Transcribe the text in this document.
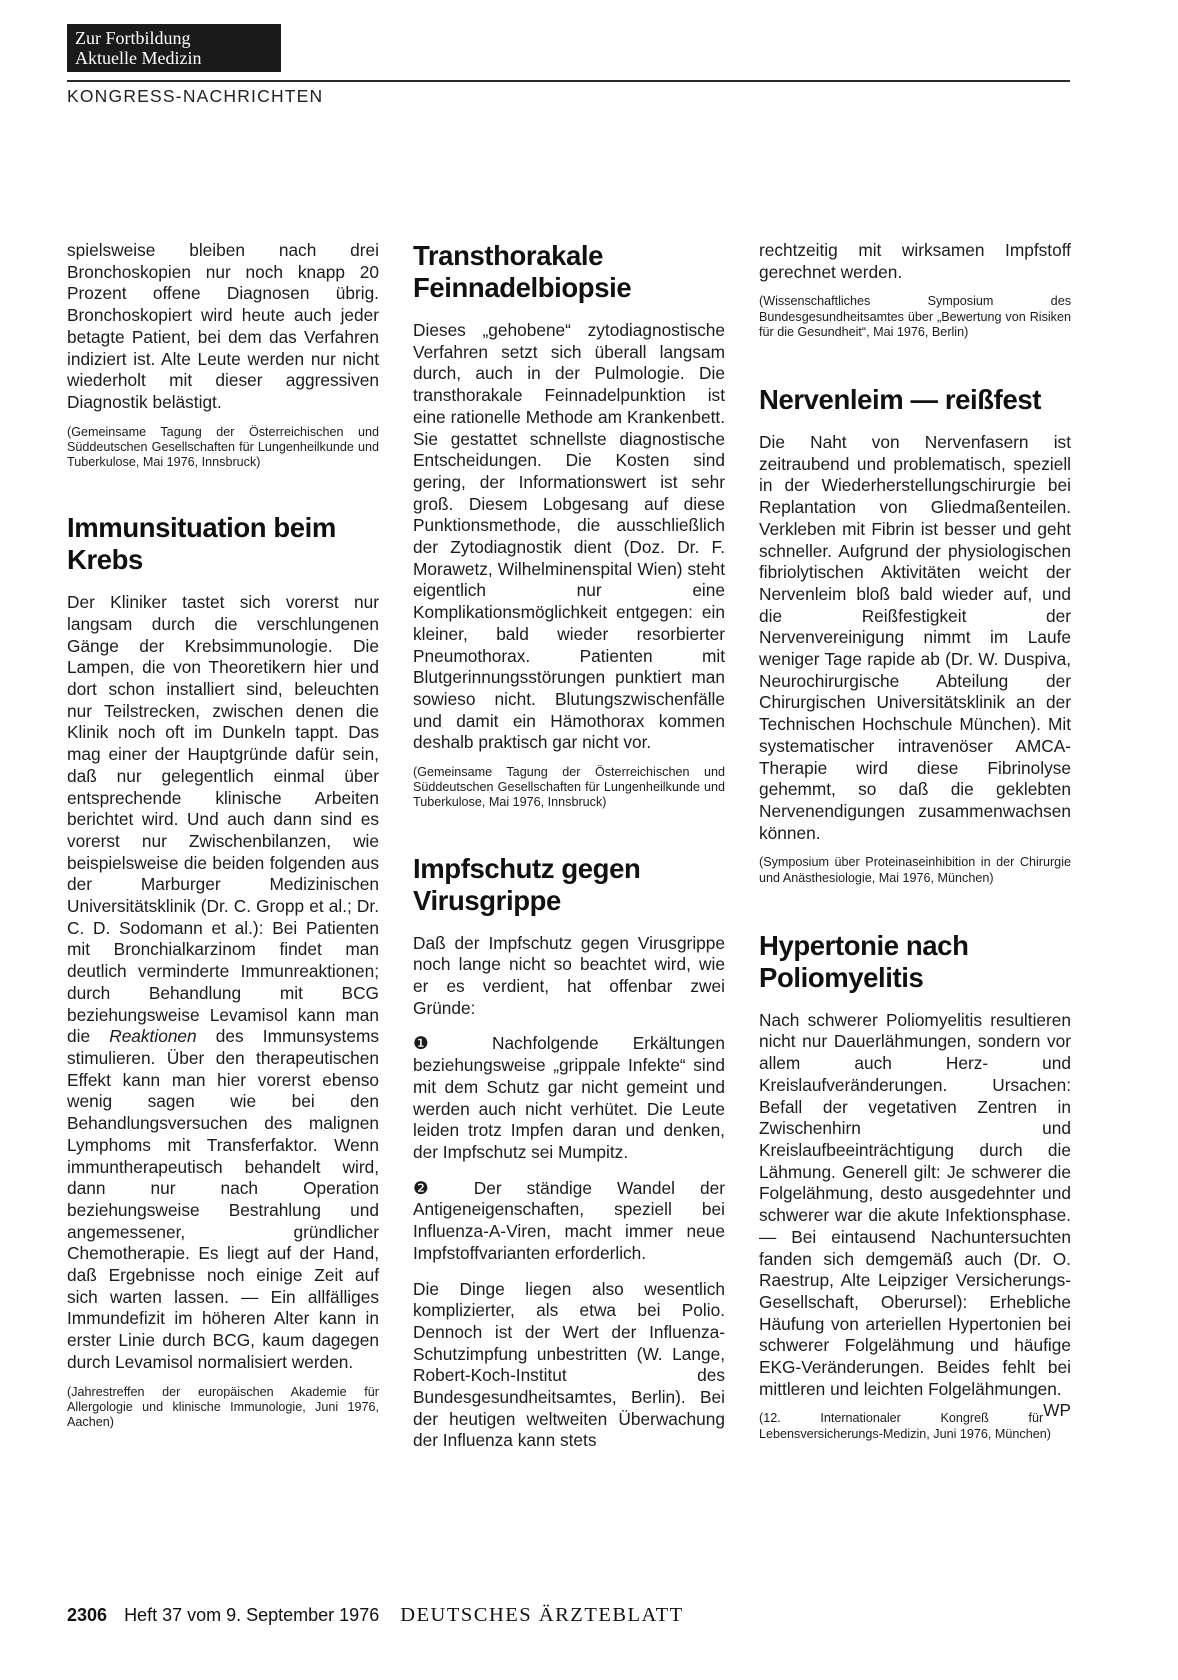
Zur Fortbildung
Aktuelle Medizin
KONGRESS-NACHRICHTEN

spielsweise bleiben nach drei Bronchoskopien nur noch knapp 20 Prozent offene Diagnosen übrig. Bronchoskopiert wird heute auch jeder betagte Patient, bei dem das Verfahren indiziert ist. Alte Leute werden nur nicht wiederholt mit dieser aggressiven Diagnostik belästigt.

(Gemeinsame Tagung der Österreichischen und Süddeutschen Gesellschaften für Lungenheilkunde und Tuberkulose, Mai 1976, Innsbruck)

Immunsituation beim Krebs

Der Kliniker tastet sich vorerst nur langsam durch die verschlungenen Gänge der Krebsimmunologie. Die Lampen, die von Theoretikern hier und dort schon installiert sind, beleuchten nur Teilstrecken, zwischen denen die Klinik noch oft im Dunkeln tappt. Das mag einer der Hauptgründe dafür sein, daß nur gelegentlich einmal über entsprechende klinische Arbeiten berichtet wird. Und auch dann sind es vorerst nur Zwischenbilanzen, wie beispielsweise die beiden folgenden aus der Marburger Medizinischen Universitätsklinik (Dr. C. Gropp et al.; Dr. C. D. Sodomann et al.): Bei Patienten mit Bronchialkarzinom findet man deutlich verminderte Immunreaktionen; durch Behandlung mit BCG beziehungsweise Levamisol kann man die Reaktionen des Immunsystems stimulieren. Über den therapeutischen Effekt kann man hier vorerst ebenso wenig sagen wie bei den Behandlungsversuchen des malignen Lymphoms mit Transferfaktor. Wenn immuntherapeutisch behandelt wird, dann nur nach Operation beziehungsweise Bestrahlung und angemessener, gründlicher Chemotherapie. Es liegt auf der Hand, daß Ergebnisse noch einige Zeit auf sich warten lassen. — Ein allfälliges Immundefizit im höheren Alter kann in erster Linie durch BCG, kaum dagegen durch Levamisol normalisiert werden.

(Jahrestreffen der europäischen Akademie für Allergologie und klinische Immunologie, Juni 1976, Aachen)

Transthorakale Feinnadelbiopsie

Dieses „gehobene“ zytodiagnostische Verfahren setzt sich überall langsam durch, auch in der Pulmologie. Die transthorakale Feinnadelpunktion ist eine rationelle Methode am Krankenbett. Sie gestattet schnellste diagnostische Entscheidungen. Die Kosten sind gering, der Informationswert ist sehr groß. Diesem Lobgesang auf diese Punktionsmethode, die ausschließlich der Zytodiagnostik dient (Doz. Dr. F. Morawetz, Wilhelminenspital Wien) steht eigentlich nur eine Komplikationsmöglichkeit entgegen: ein kleiner, bald wieder resorbierter Pneumothorax. Patienten mit Blutgerinnungsstörungen punktiert man sowieso nicht. Blutungszwischenfälle und damit ein Hämothorax kommen deshalb praktisch gar nicht vor.

(Gemeinsame Tagung der Österreichischen und Süddeutschen Gesellschaften für Lungenheilkunde und Tuberkulose, Mai 1976, Innsbruck)

Impfschutz gegen Virusgrippe

Daß der Impfschutz gegen Virusgrippe noch lange nicht so beachtet wird, wie er es verdient, hat offenbar zwei Gründe:

❶ Nachfolgende Erkältungen beziehungsweise „grippale Infekte“ sind mit dem Schutz gar nicht gemeint und werden auch nicht verhütet. Die Leute leiden trotz Impfen daran und denken, der Impfschutz sei Mumpitz.

❷ Der ständige Wandel der Antigeneigenschaften, speziell bei Influenza-A-Viren, macht immer neue Impfstoffvarianten erforderlich.

Die Dinge liegen also wesentlich komplizierter, als etwa bei Polio. Dennoch ist der Wert der Influenza-Schutzimpfung unbestritten (W. Lange, Robert-Koch-Institut des Bundesgesundheitsamtes, Berlin). Bei der heutigen weltweiten Überwachung der Influenza kann stets

rechtzeitig mit wirksamen Impfstoff gerechnet werden.

(Wissenschaftliches Symposium des Bundesgesundheitsamtes über „Bewertung von Risiken für die Gesundheit“, Mai 1976, Berlin)

Nervenleim — reißfest

Die Naht von Nervenfasern ist zeitraubend und problematisch, speziell in der Wiederherstellungschirurgie bei Replantation von Gliedmaßenteilen. Verkleben mit Fibrin ist besser und geht schneller. Aufgrund der physiologischen fibriolytischen Aktivitäten weicht der Nervenleim bloß bald wieder auf, und die Reißfestigkeit der Nervenvereinigung nimmt im Laufe weniger Tage rapide ab (Dr. W. Duspiva, Neurochirurgische Abteilung der Chirurgischen Universitätsklinik an der Technischen Hochschule München). Mit systematischer intravenöser AMCA-Therapie wird diese Fibrinolyse gehemmt, so daß die geklebten Nervenendigungen zusammenwachsen können.

(Symposium über Proteinaseinhibition in der Chirurgie und Anästhesiologie, Mai 1976, München)

Hypertonie nach Poliomyelitis

Nach schwerer Poliomyelitis resultieren nicht nur Dauerlähmungen, sondern vor allem auch Herz- und Kreislaufveränderungen. Ursachen: Befall der vegetativen Zentren in Zwischenhirn und Kreislaufbeeinträchtigung durch die Lähmung. Generell gilt: Je schwerer die Folgelähmung, desto ausgedehnter und schwerer war die akute Infektionsphase. — Bei eintausend Nachuntersuchten fanden sich demgemäß auch (Dr. O. Raestrup, Alte Leipziger Versicherungs-Gesellschaft, Oberursel): Erhebliche Häufung von arteriellen Hypertonien bei schwerer Folgelähmung und häufige EKG-Veränderungen. Beides fehlt bei mittleren und leichten Folgelähmungen.
WP

(12. Internationaler Kongreß für Lebensversicherungs-Medizin, Juni 1976, München)

2306 Heft 37 vom 9. September 1976 DEUTSCHES ÄRZTEBLATT
